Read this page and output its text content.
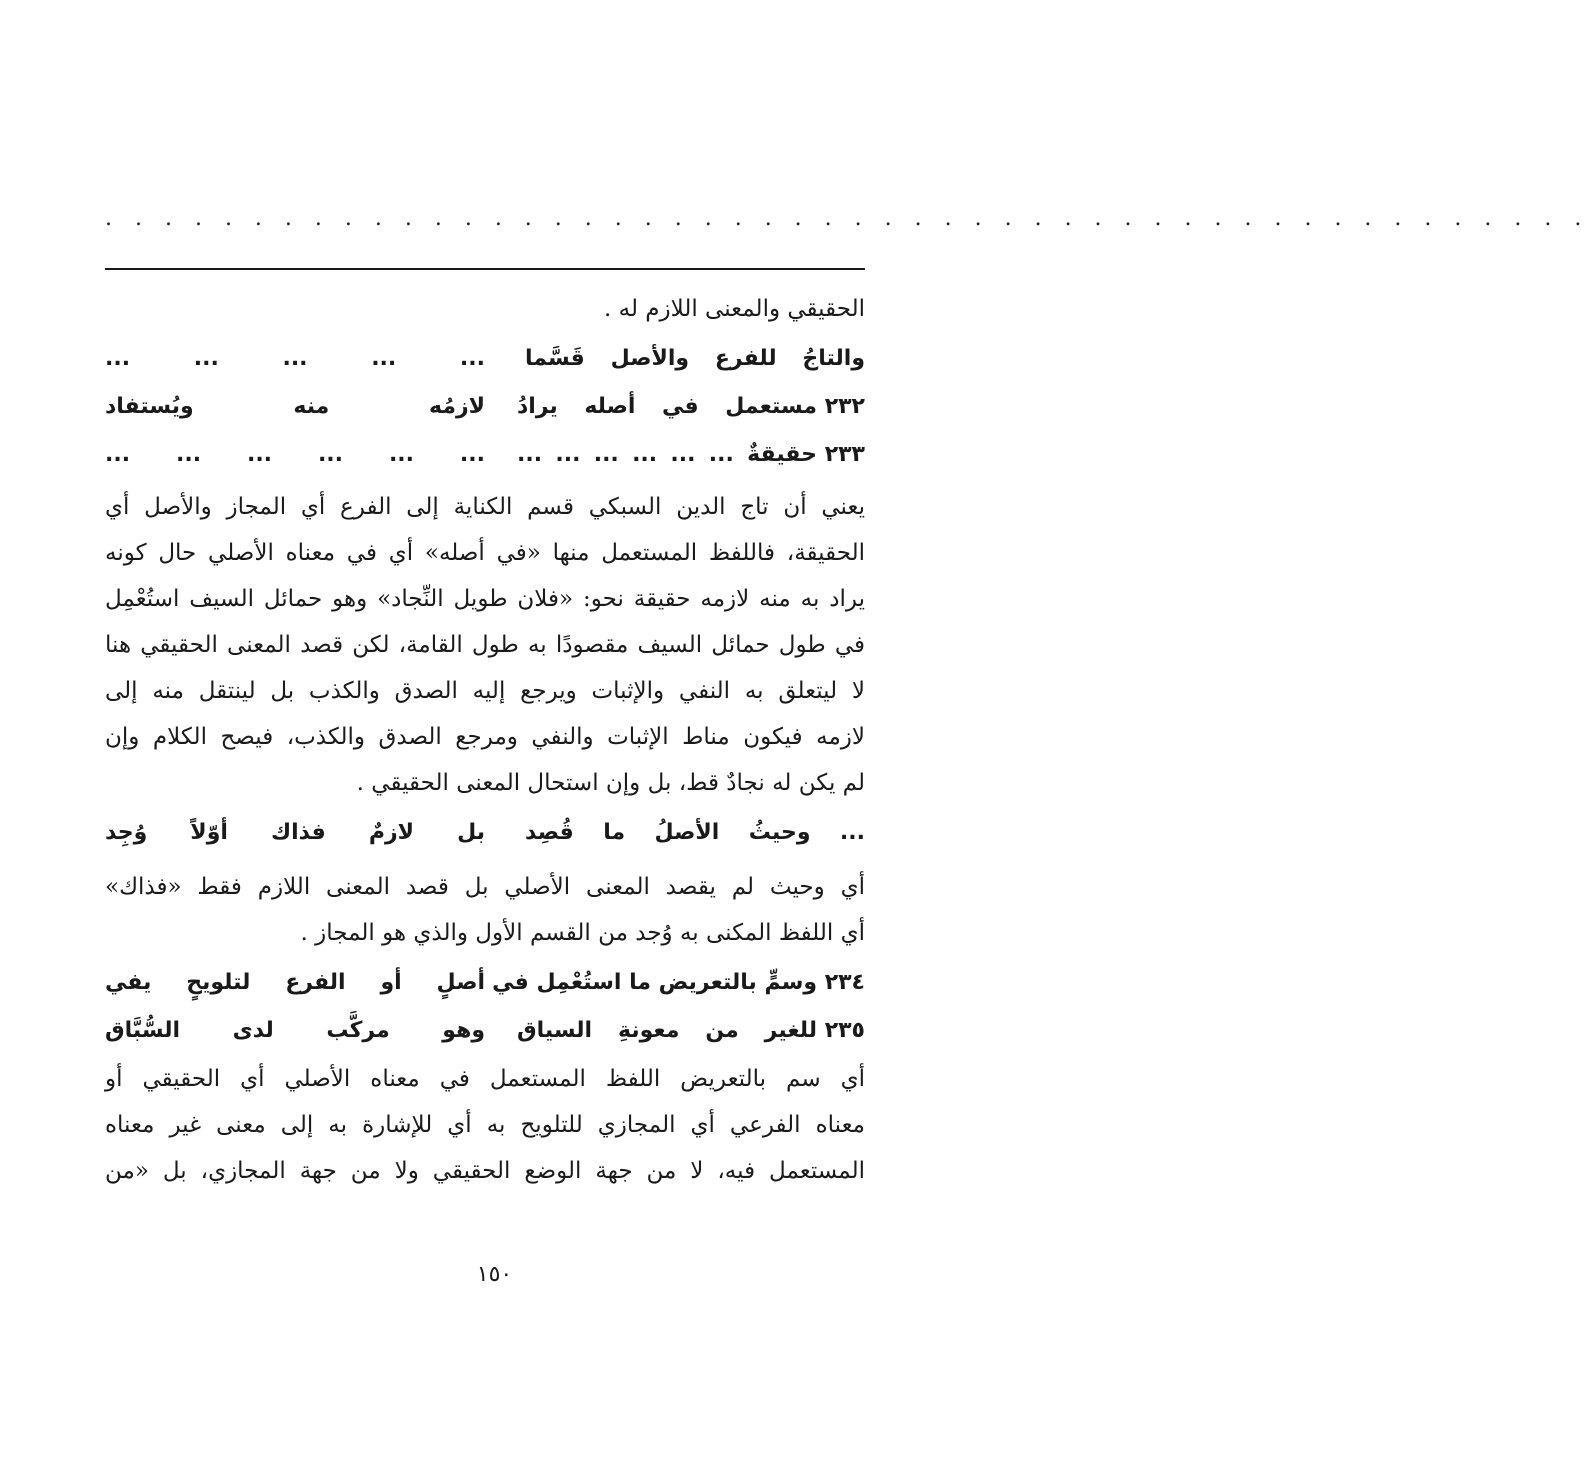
. . . . . . . . . . . . . . . . . . . . . . . . . . . . . . . . . . . . . . . . . . . . . . . . . .
الحقيقي والمعنى اللازم له .
والتاجُ للفرع والأصل قَسَّما
... ... ... ... ...
٢٣٢
مستعمل في أصله يرادُ
لازمُه منه ويُستفاد
٢٣٣
حقيقةٌ ... ... ... ... ... ...
... ... ... ... ... ...
يعني أن تاج الدين السبكي قسم الكناية إلى الفرع أي المجاز والأصل أي
الحقيقة، فاللفظ المستعمل منها «في أصله» أي في معناه الأصلي حال كونه
يراد به منه لازمه حقيقة نحو: «فلان طويل النِّجاد» وهو حمائل السيف استُعْمِل
في طول حمائل السيف مقصودًا به طول القامة، لكن قصد المعنى الحقيقي هنا
لا ليتعلق به النفي والإثبات ويرجع إليه الصدق والكذب بل لينتقل منه إلى
لازمه فيكون مناط الإثبات والنفي ومرجع الصدق والكذب، فيصح الكلام وإن
لم يكن له نجادٌ قط، بل وإن استحال المعنى الحقيقي .
... وحيثُ الأصلُ ما قُصِد
بل لازمٌ فذاك أوّلاً وُجِد
أي وحيث لم يقصد المعنى الأصلي بل قصد المعنى اللازم فقط «فذاك»
أي اللفظ المكنى به وُجد من القسم الأول والذي هو المجاز .
٢٣٤
وسمٍّ بالتعريض ما استُعْمِل في
أصلٍ أو الفرع لتلويحٍ يفي
٢٣٥
للغير من معونةِ السياق
وهو مركَّب لدى السُّبَّاق
أي سم بالتعريض اللفظ المستعمل في معناه الأصلي أي الحقيقي أو
معناه الفرعي أي المجازي للتلويح به أي للإشارة به إلى معنى غير معناه
المستعمل فيه، لا من جهة الوضع الحقيقي ولا من جهة المجازي، بل «من
١٥٠
